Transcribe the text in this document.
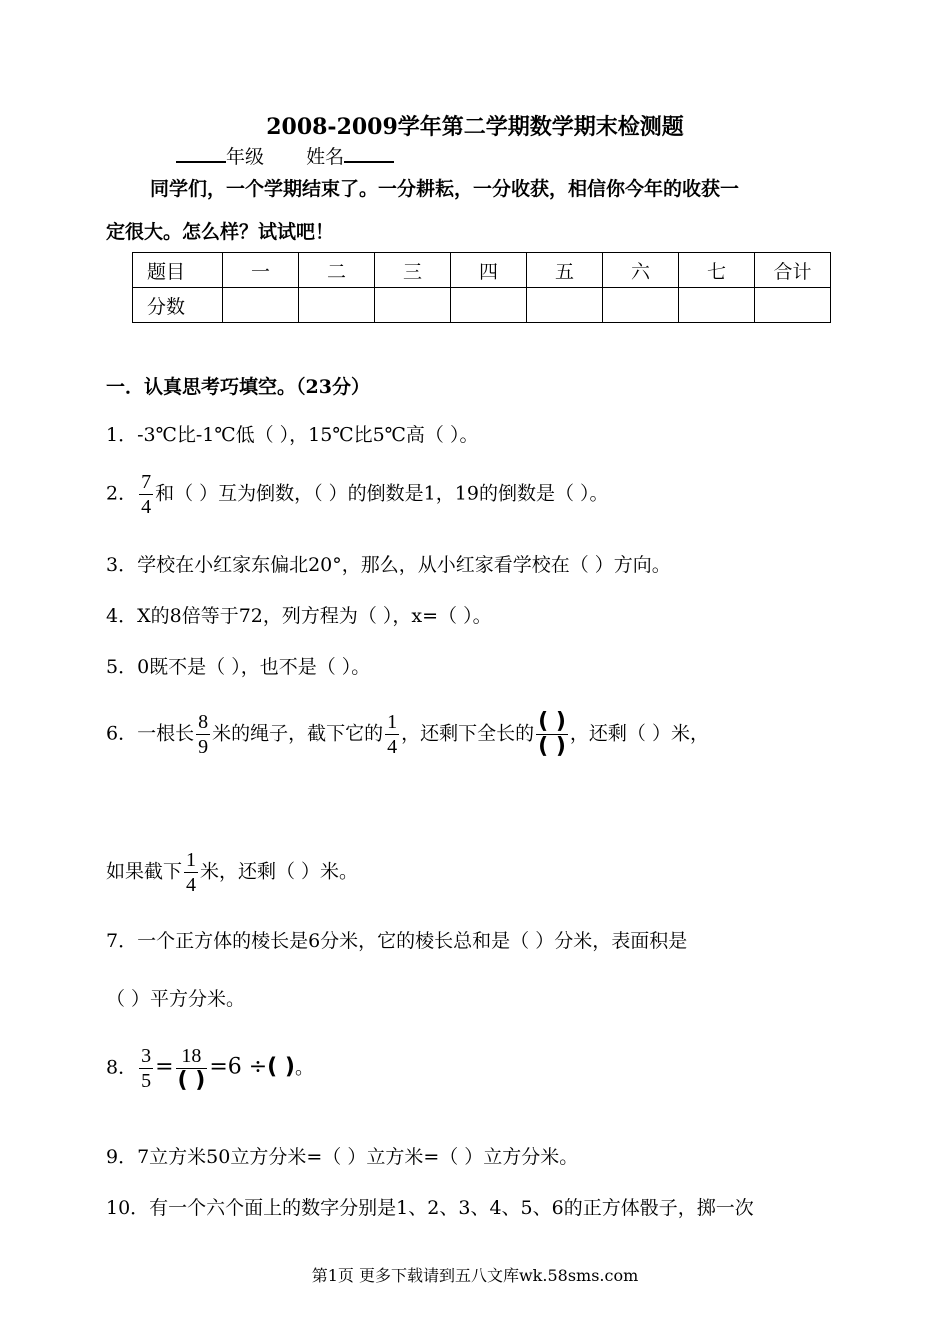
2008-2009学年第二学期数学期末检测题
年级 姓名
同学们，一个学期结束了。一分耕耘，一分收获，相信你今年的收获一
定很大。怎么样？试试吧！
题目	一	二	三	四	五	六	七	合计
分数								
一．认真思考巧填空。（23分）
1．-3℃比-1℃低（ ），15℃比5℃高（ ）。
2． $\frac{7}{4}$ 和（ ）互为倒数，（ ）的倒数是1，19的倒数是（ ）。
3．学校在小红家东偏北20°，那么，从小红家看学校在（ ）方向。
4．X的8倍等于72，列方程为（ ），x=（ ）。
5．0既不是（ ），也不是（ ）。
6．一根长 $\frac{8}{9}$ 米的绳子，截下它的 $\frac{1}{4}$ ，还剩下全长的 $\frac{( )}{( )}$ ，还剩（ ）米，
如果截下 $\frac{1}{4}$ 米，还剩（ ）米。
7．一个正方体的棱长是6分米，它的棱长总和是（ ）分米，表面积是
（ ）平方分米。
8． $\frac{3}{5} = \frac{18}{( )} =6$ ÷( )。
9．7立方米50立方分米=（ ）立方米=（ ）立方分米。
10．有一个六个面上的数字分别是1、2、3、4、5、6的正方体骰子，掷一次
第1页 更多下载请到五八文库wk.58sms.com
